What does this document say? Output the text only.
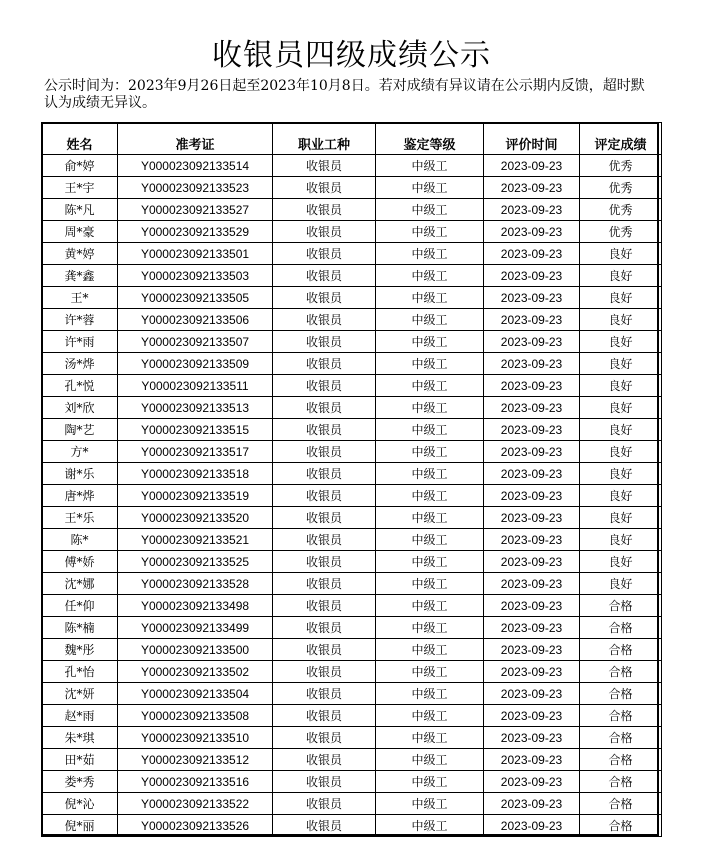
收银员四级成绩公示
公示时间为：2023年9月26日起至2023年10月8日。若对成绩有异议请在公示期内反馈，超时默认为成绩无异议。
姓名	准考证	职业工种	鉴定等级	评价时间	评定成绩
俞*婷	Y000023092133514	收银员	中级工	2023-09-23	优秀
王*宇	Y000023092133523	收银员	中级工	2023-09-23	优秀
陈*凡	Y000023092133527	收银员	中级工	2023-09-23	优秀
周*豪	Y000023092133529	收银员	中级工	2023-09-23	优秀
黄*婷	Y000023092133501	收银员	中级工	2023-09-23	良好
龚*鑫	Y000023092133503	收银员	中级工	2023-09-23	良好
王*	Y000023092133505	收银员	中级工	2023-09-23	良好
许*蓉	Y000023092133506	收银员	中级工	2023-09-23	良好
许*雨	Y000023092133507	收银员	中级工	2023-09-23	良好
汤*烨	Y000023092133509	收银员	中级工	2023-09-23	良好
孔*悦	Y000023092133511	收银员	中级工	2023-09-23	良好
刘*欣	Y000023092133513	收银员	中级工	2023-09-23	良好
陶*艺	Y000023092133515	收银员	中级工	2023-09-23	良好
方*	Y000023092133517	收银员	中级工	2023-09-23	良好
谢*乐	Y000023092133518	收银员	中级工	2023-09-23	良好
唐*烨	Y000023092133519	收银员	中级工	2023-09-23	良好
王*乐	Y000023092133520	收银员	中级工	2023-09-23	良好
陈*	Y000023092133521	收银员	中级工	2023-09-23	良好
傅*娇	Y000023092133525	收银员	中级工	2023-09-23	良好
沈*娜	Y000023092133528	收银员	中级工	2023-09-23	良好
任*仰	Y000023092133498	收银员	中级工	2023-09-23	合格
陈*楠	Y000023092133499	收银员	中级工	2023-09-23	合格
魏*彤	Y000023092133500	收银员	中级工	2023-09-23	合格
孔*怡	Y000023092133502	收银员	中级工	2023-09-23	合格
沈*妍	Y000023092133504	收银员	中级工	2023-09-23	合格
赵*雨	Y000023092133508	收银员	中级工	2023-09-23	合格
朱*琪	Y000023092133510	收银员	中级工	2023-09-23	合格
田*茹	Y000023092133512	收银员	中级工	2023-09-23	合格
娄*秀	Y000023092133516	收银员	中级工	2023-09-23	合格
倪*沁	Y000023092133522	收银员	中级工	2023-09-23	合格
倪*丽	Y000023092133526	收银员	中级工	2023-09-23	合格
